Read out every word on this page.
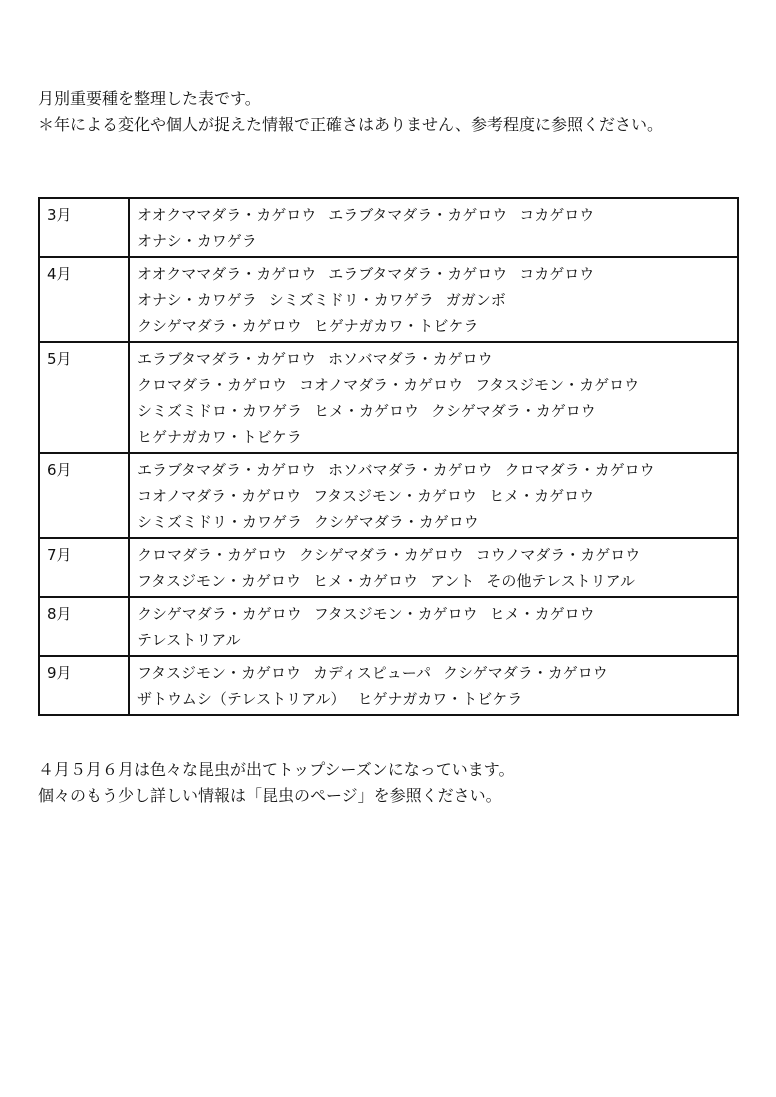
月別重要種を整理した表です。

＊年による変化や個人が捉えた情報で正確さはありません、参考程度に参照ください。

3月	オオクママダラ・カゲロウ エラブタマダラ・カゲロウ コカゲロウ
オナシ・カワゲラ

4月	オオクママダラ・カゲロウ エラブタマダラ・カゲロウ コカゲロウ
オナシ・カワゲラ シミズミドリ・カワゲラ ガガンボ
クシゲマダラ・カゲロウ ヒゲナガカワ・トビケラ

5月	エラブタマダラ・カゲロウ ホソバマダラ・カゲロウ
クロマダラ・カゲロウ コオノマダラ・カゲロウ フタスジモン・カゲロウ
シミズミドロ・カワゲラ ヒメ・カゲロウ クシゲマダラ・カゲロウ
ヒゲナガカワ・トビケラ

6月	エラブタマダラ・カゲロウ ホソバマダラ・カゲロウ クロマダラ・カゲロウ
コオノマダラ・カゲロウ フタスジモン・カゲロウ ヒメ・カゲロウ
シミズミドリ・カワゲラ クシゲマダラ・カゲロウ

7月	クロマダラ・カゲロウ クシゲマダラ・カゲロウ コウノマダラ・カゲロウ
フタスジモン・カゲロウ ヒメ・カゲロウ アント その他テレストリアル

8月	クシゲマダラ・カゲロウ フタスジモン・カゲロウ ヒメ・カゲロウ
テレストリアル

9月	フタスジモン・カゲロウ カディスピューパ クシゲマダラ・カゲロウ
ザトウムシ（テレストリアル） ヒゲナガカワ・トビケラ

４月５月６月は色々な昆虫が出てトップシーズンになっています。

個々のもう少し詳しい情報は「昆虫のページ」を参照ください。
